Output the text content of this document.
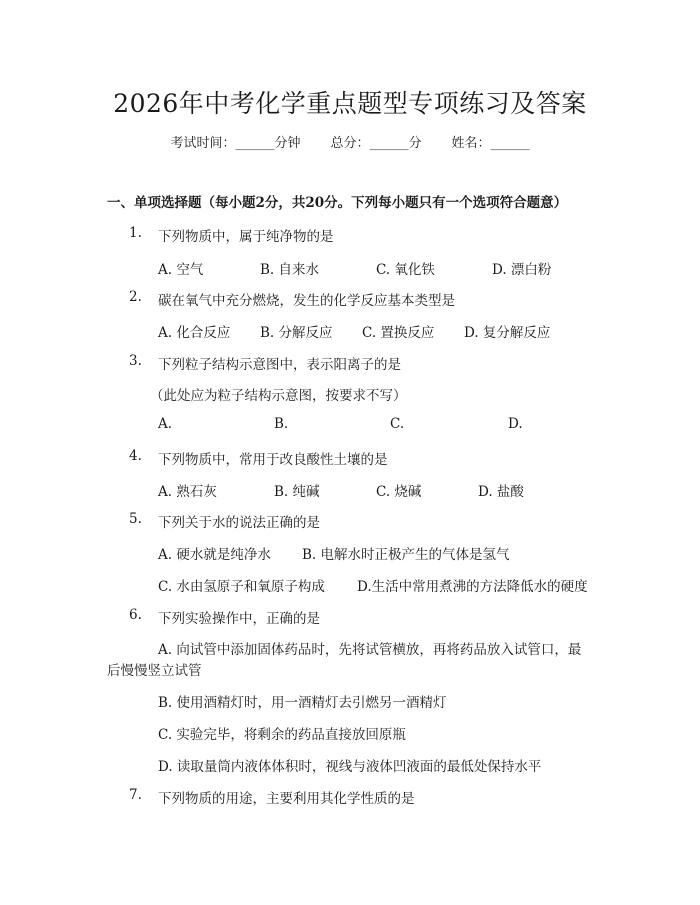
2026年中考化学重点题型专项练习及答案
考试时间：______分钟 总分：______分 姓名：______
一、单项选择题（每小题2分，共20分。下列每小题只有一个选项符合题意）
1. 下列物质中，属于纯净物的是
A. 空气	B. 自来水	C. 氧化铁	D. 漂白粉
2. 碳在氧气中充分燃烧，发生的化学反应基本类型是
A. 化合反应 B. 分解反应 C. 置换反应 D. 复分解反应
3. 下列粒子结构示意图中，表示阳离子的是
（此处应为粒子结构示意图，按要求不写）
A.	B.	C.	D.
4. 下列物质中，常用于改良酸性土壤的是
A. 熟石灰	B. 纯碱	C. 烧碱	D. 盐酸
5. 下列关于水的说法正确的是
A. 硬水就是纯净水 B. 电解水时正极产生的气体是氢气
C. 水由氢原子和氧原子构成 D.生活中常用煮沸的方法降低水的硬度
6. 下列实验操作中，正确的是
A. 向试管中添加固体药品时，先将试管横放，再将药品放入试管口，最
后慢慢竖立试管
B. 使用酒精灯时，用一酒精灯去引燃另一酒精灯
C. 实验完毕，将剩余的药品直接放回原瓶
D. 读取量筒内液体体积时，视线与液体凹液面的最低处保持水平
7. 下列物质的用途，主要利用其化学性质的是
